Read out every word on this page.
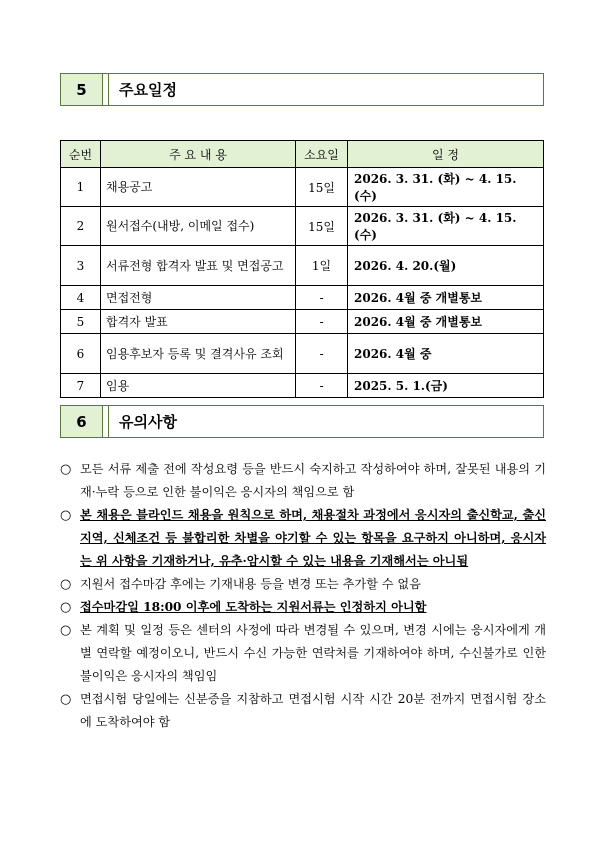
5	주요일정
순번	주 요 내 용	소요일	일 정
1	채용공고	15일	2026. 3. 31. (화) ~ 4. 15. (수)
2	원서접수(내방, 이메일 접수)	15일	2026. 3. 31. (화) ~ 4. 15. (수)
3	서류전형 합격자 발표 및 면접공고	1일	2026. 4. 20.(월)
4	면접전형	-	2026. 4월 중 개별통보
5	합격자 발표	-	2026. 4월 중 개별통보
6	임용후보자 등록 및 결격사유 조회	-	2026. 4월 중
7	임용	-	2025. 5. 1.(금)
6	유의사항
○ 모든 서류 제출 전에 작성요령 등을 반드시 숙지하고 작성하여야 하며, 잘못된 내용의 기재·누락 등으로 인한 불이익은 응시자의 책임으로 함
○ 본 채용은 블라인드 채용을 원칙으로 하며, 채용절차 과정에서 응시자의 출신학교, 출신지역, 신체조건 등 불합리한 차별을 야기할 수 있는 항목을 요구하지 아니하며, 응시자는 위 사항을 기재하거나, 유추·암시할 수 있는 내용을 기재해서는 아니됨
○ 지원서 접수마감 후에는 기재내용 등을 변경 또는 추가할 수 없음
○ 접수마감일 18:00 이후에 도착하는 지원서류는 인정하지 아니함
○ 본 계획 및 일정 등은 센터의 사정에 따라 변경될 수 있으며, 변경 시에는 응시자에게 개별 연락할 예정이오니, 반드시 수신 가능한 연락처를 기재하여야 하며, 수신불가로 인한 불이익은 응시자의 책임임
○ 면접시험 당일에는 신분증을 지참하고 면접시험 시작 시간 20분 전까지 면접시험 장소에 도착하여야 함
